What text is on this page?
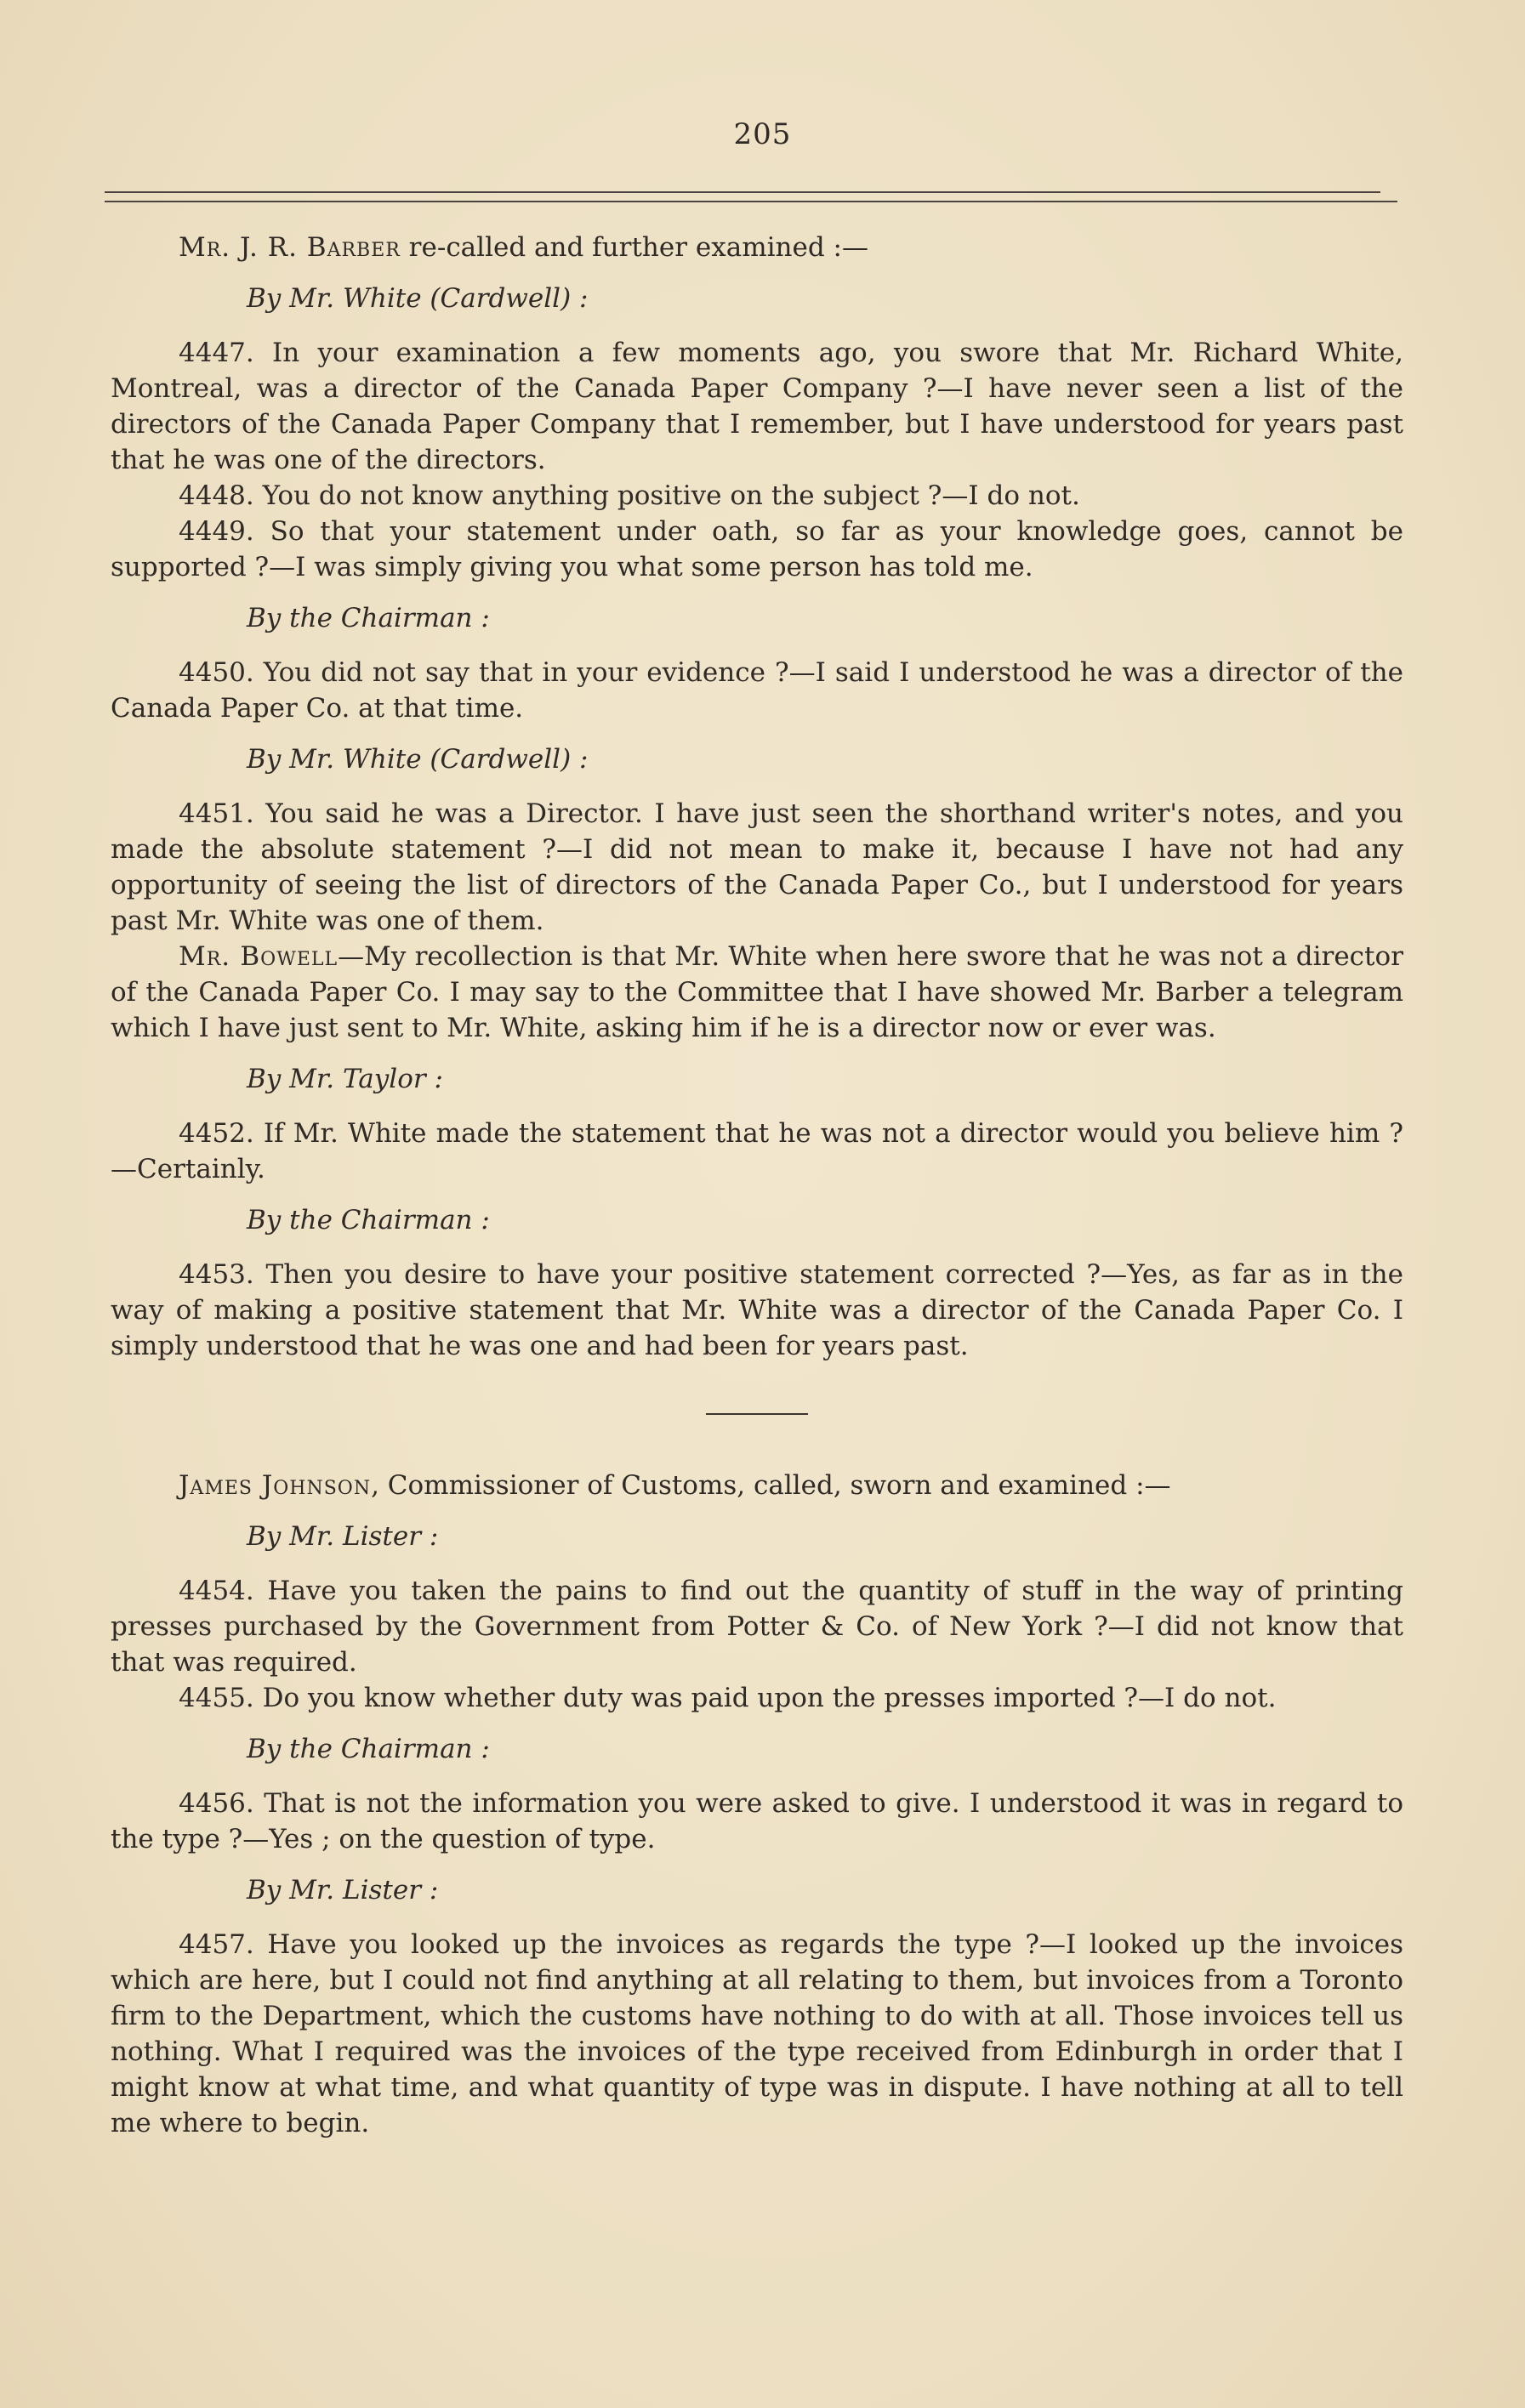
205

Mr. J. R. Barber re-called and further examined :—

By Mr. White (Cardwell) :

4447. In your examination a few moments ago, you swore that Mr. Richard White, Montreal, was a director of the Canada Paper Company ?—I have never seen a list of the directors of the Canada Paper Company that I remember, but I have understood for years past that he was one of the directors.

4448. You do not know anything positive on the subject ?—I do not.

4449. So that your statement under oath, so far as your knowledge goes, cannot be supported ?—I was simply giving you what some person has told me.

By the Chairman :

4450. You did not say that in your evidence ?—I said I understood he was a director of the Canada Paper Co. at that time.

By Mr. White (Cardwell) :

4451. You said he was a Director. I have just seen the shorthand writer's notes, and you made the absolute statement ?—I did not mean to make it, because I have not had any opportunity of seeing the list of directors of the Canada Paper Co., but I understood for years past Mr. White was one of them.

Mr. Bowell—My recollection is that Mr. White when here swore that he was not a director of the Canada Paper Co. I may say to the Committee that I have showed Mr. Barber a telegram which I have just sent to Mr. White, asking him if he is a director now or ever was.

By Mr. Taylor :

4452. If Mr. White made the statement that he was not a director would you believe him ?—Certainly.

By the Chairman :

4453. Then you desire to have your positive statement corrected ?—Yes, as far as in the way of making a positive statement that Mr. White was a director of the Canada Paper Co. I simply understood that he was one and had been for years past.

James Johnson, Commissioner of Customs, called, sworn and examined :—

By Mr. Lister :

4454. Have you taken the pains to find out the quantity of stuff in the way of printing presses purchased by the Government from Potter & Co. of New York ?—I did not know that that was required.

4455. Do you know whether duty was paid upon the presses imported ?—I do not.

By the Chairman :

4456. That is not the information you were asked to give. I understood it was in regard to the type ?—Yes ; on the question of type.

By Mr. Lister :

4457. Have you looked up the invoices as regards the type ?—I looked up the invoices which are here, but I could not find anything at all relating to them, but invoices from a Toronto firm to the Department, which the customs have nothing to do with at all. Those invoices tell us nothing. What I required was the invoices of the type received from Edinburgh in order that I might know at what time, and what quantity of type was in dispute. I have nothing at all to tell me where to begin.
